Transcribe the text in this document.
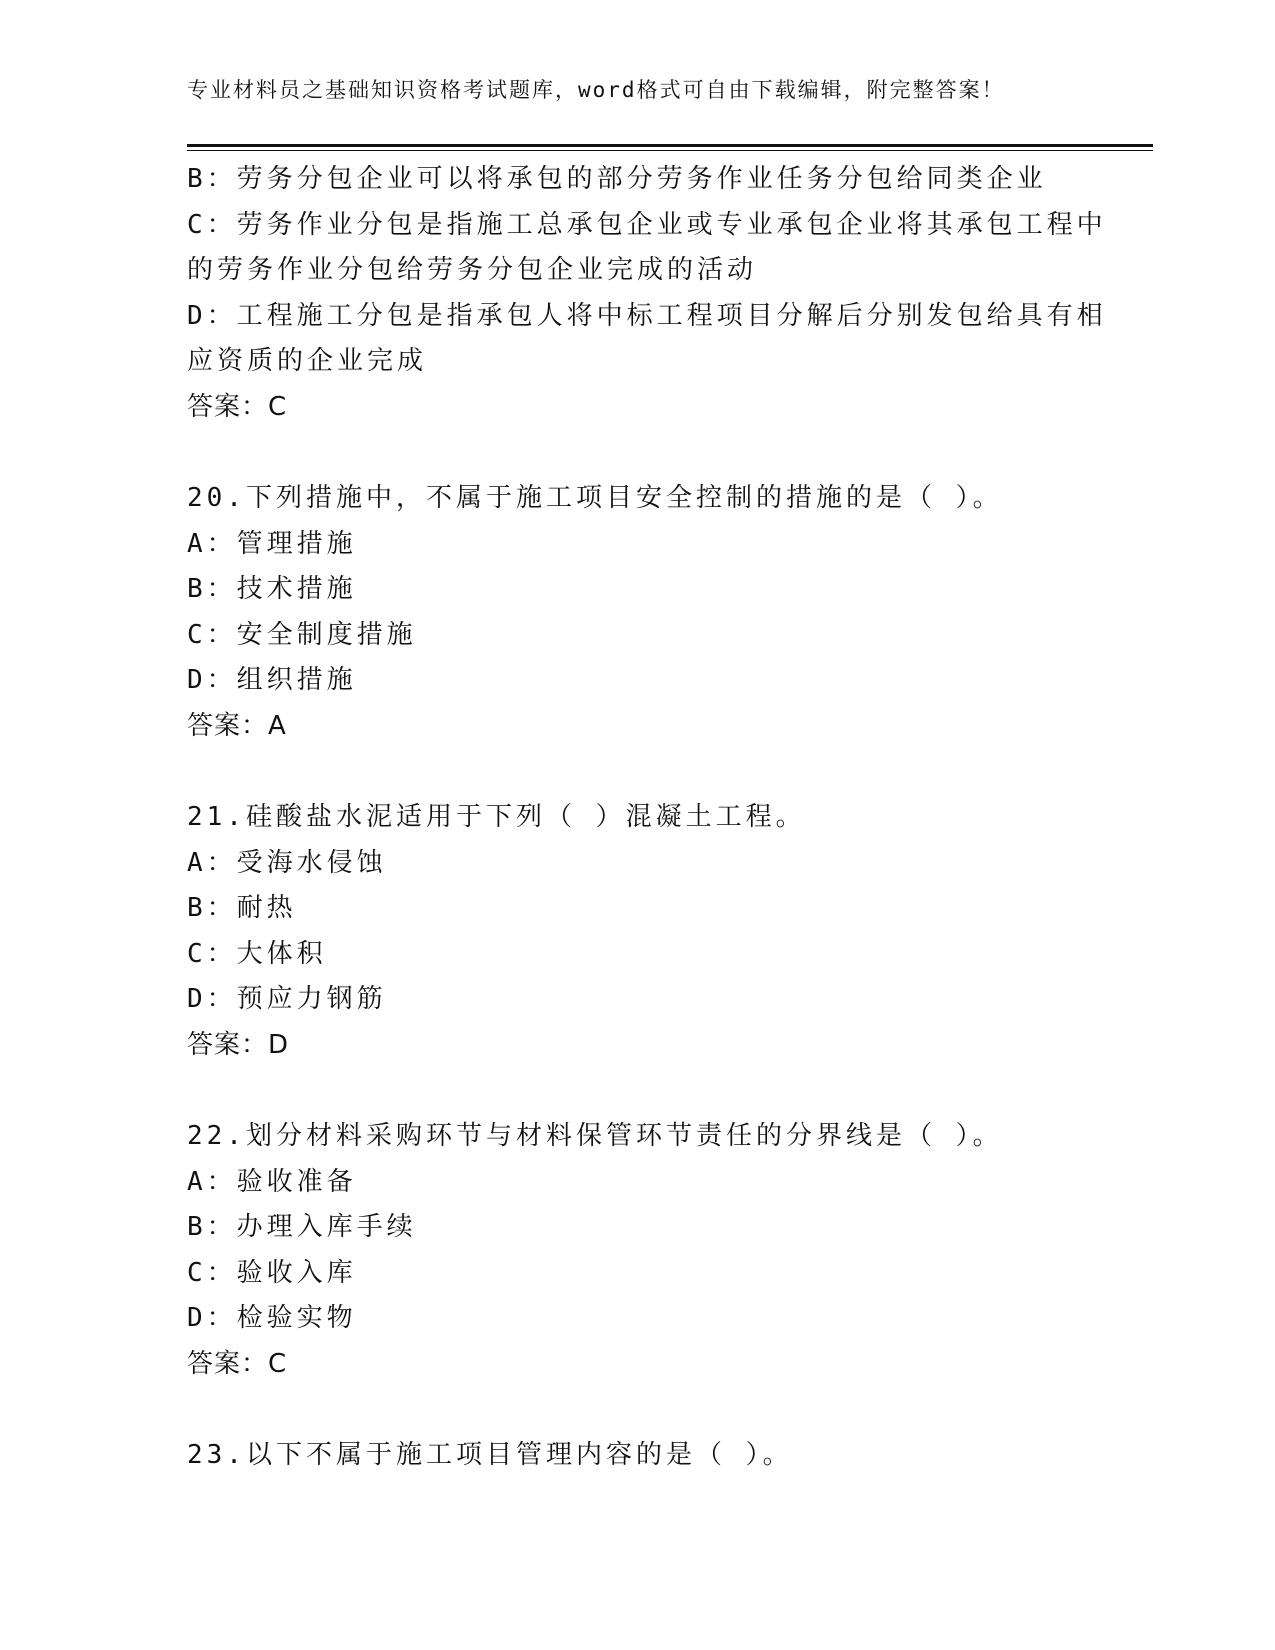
专业材料员之基础知识资格考试题库，word格式可自由下载编辑，附完整答案！
B：劳务分包企业可以将承包的部分劳务作业任务分包给同类企业
C：劳务作业分包是指施工总承包企业或专业承包企业将其承包工程中
的劳务作业分包给劳务分包企业完成的活动
D：工程施工分包是指承包人将中标工程项目分解后分别发包给具有相
应资质的企业完成
答案：C
20.下列措施中，不属于施工项目安全控制的措施的是（ ）。
A：管理措施
B：技术措施
C：安全制度措施
D：组织措施
答案：A
21.硅酸盐水泥适用于下列（ ）混凝土工程。
A：受海水侵蚀
B：耐热
C：大体积
D：预应力钢筋
答案：D
22.划分材料采购环节与材料保管环节责任的分界线是（ ）。
A：验收准备
B：办理入库手续
C：验收入库
D：检验实物
答案：C
23.以下不属于施工项目管理内容的是（ ）。
